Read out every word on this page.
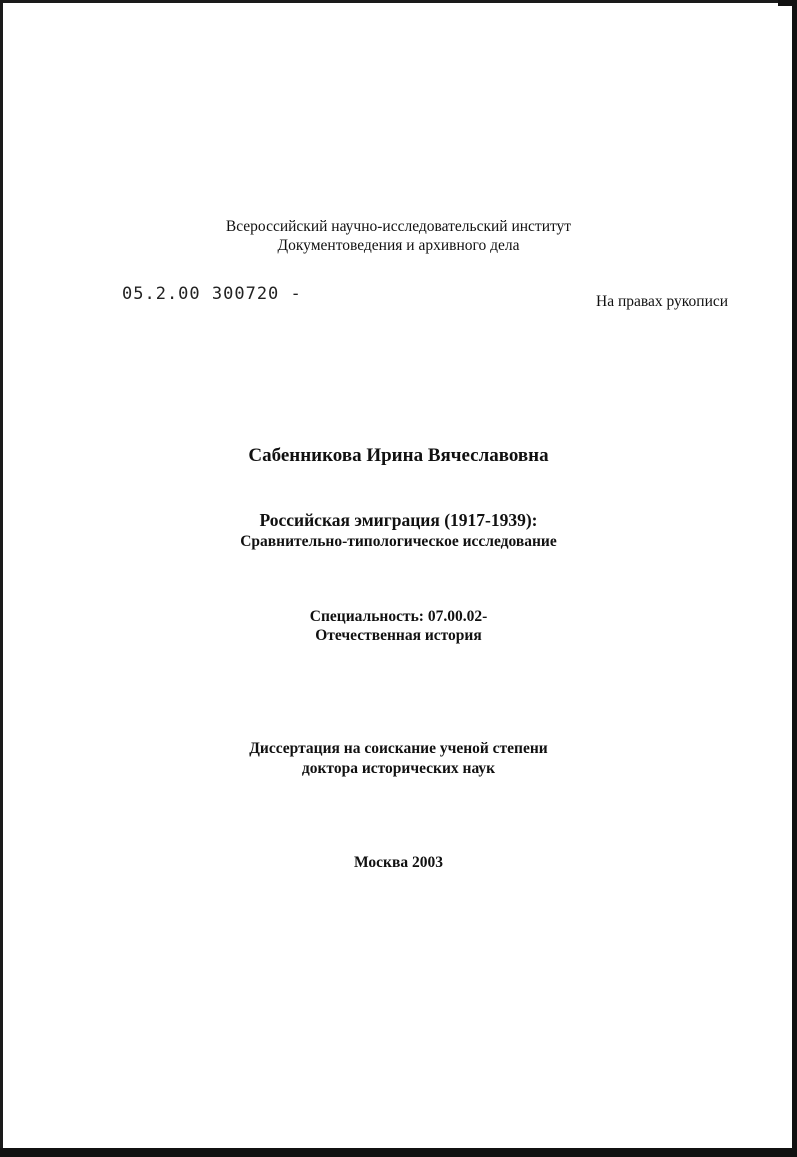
Всероссийский научно-исследовательский институт
Документоведения и архивного дела
05.2.00 300720 -	На правах рукописи
Сабенникова Ирина Вячеславовна
Российская эмиграция (1917-1939):
Сравнительно-типологическое исследование
Специальность: 07.00.02-
Отечественная история
Диссертация на соискание ученой степени
доктора исторических наук
Москва 2003
